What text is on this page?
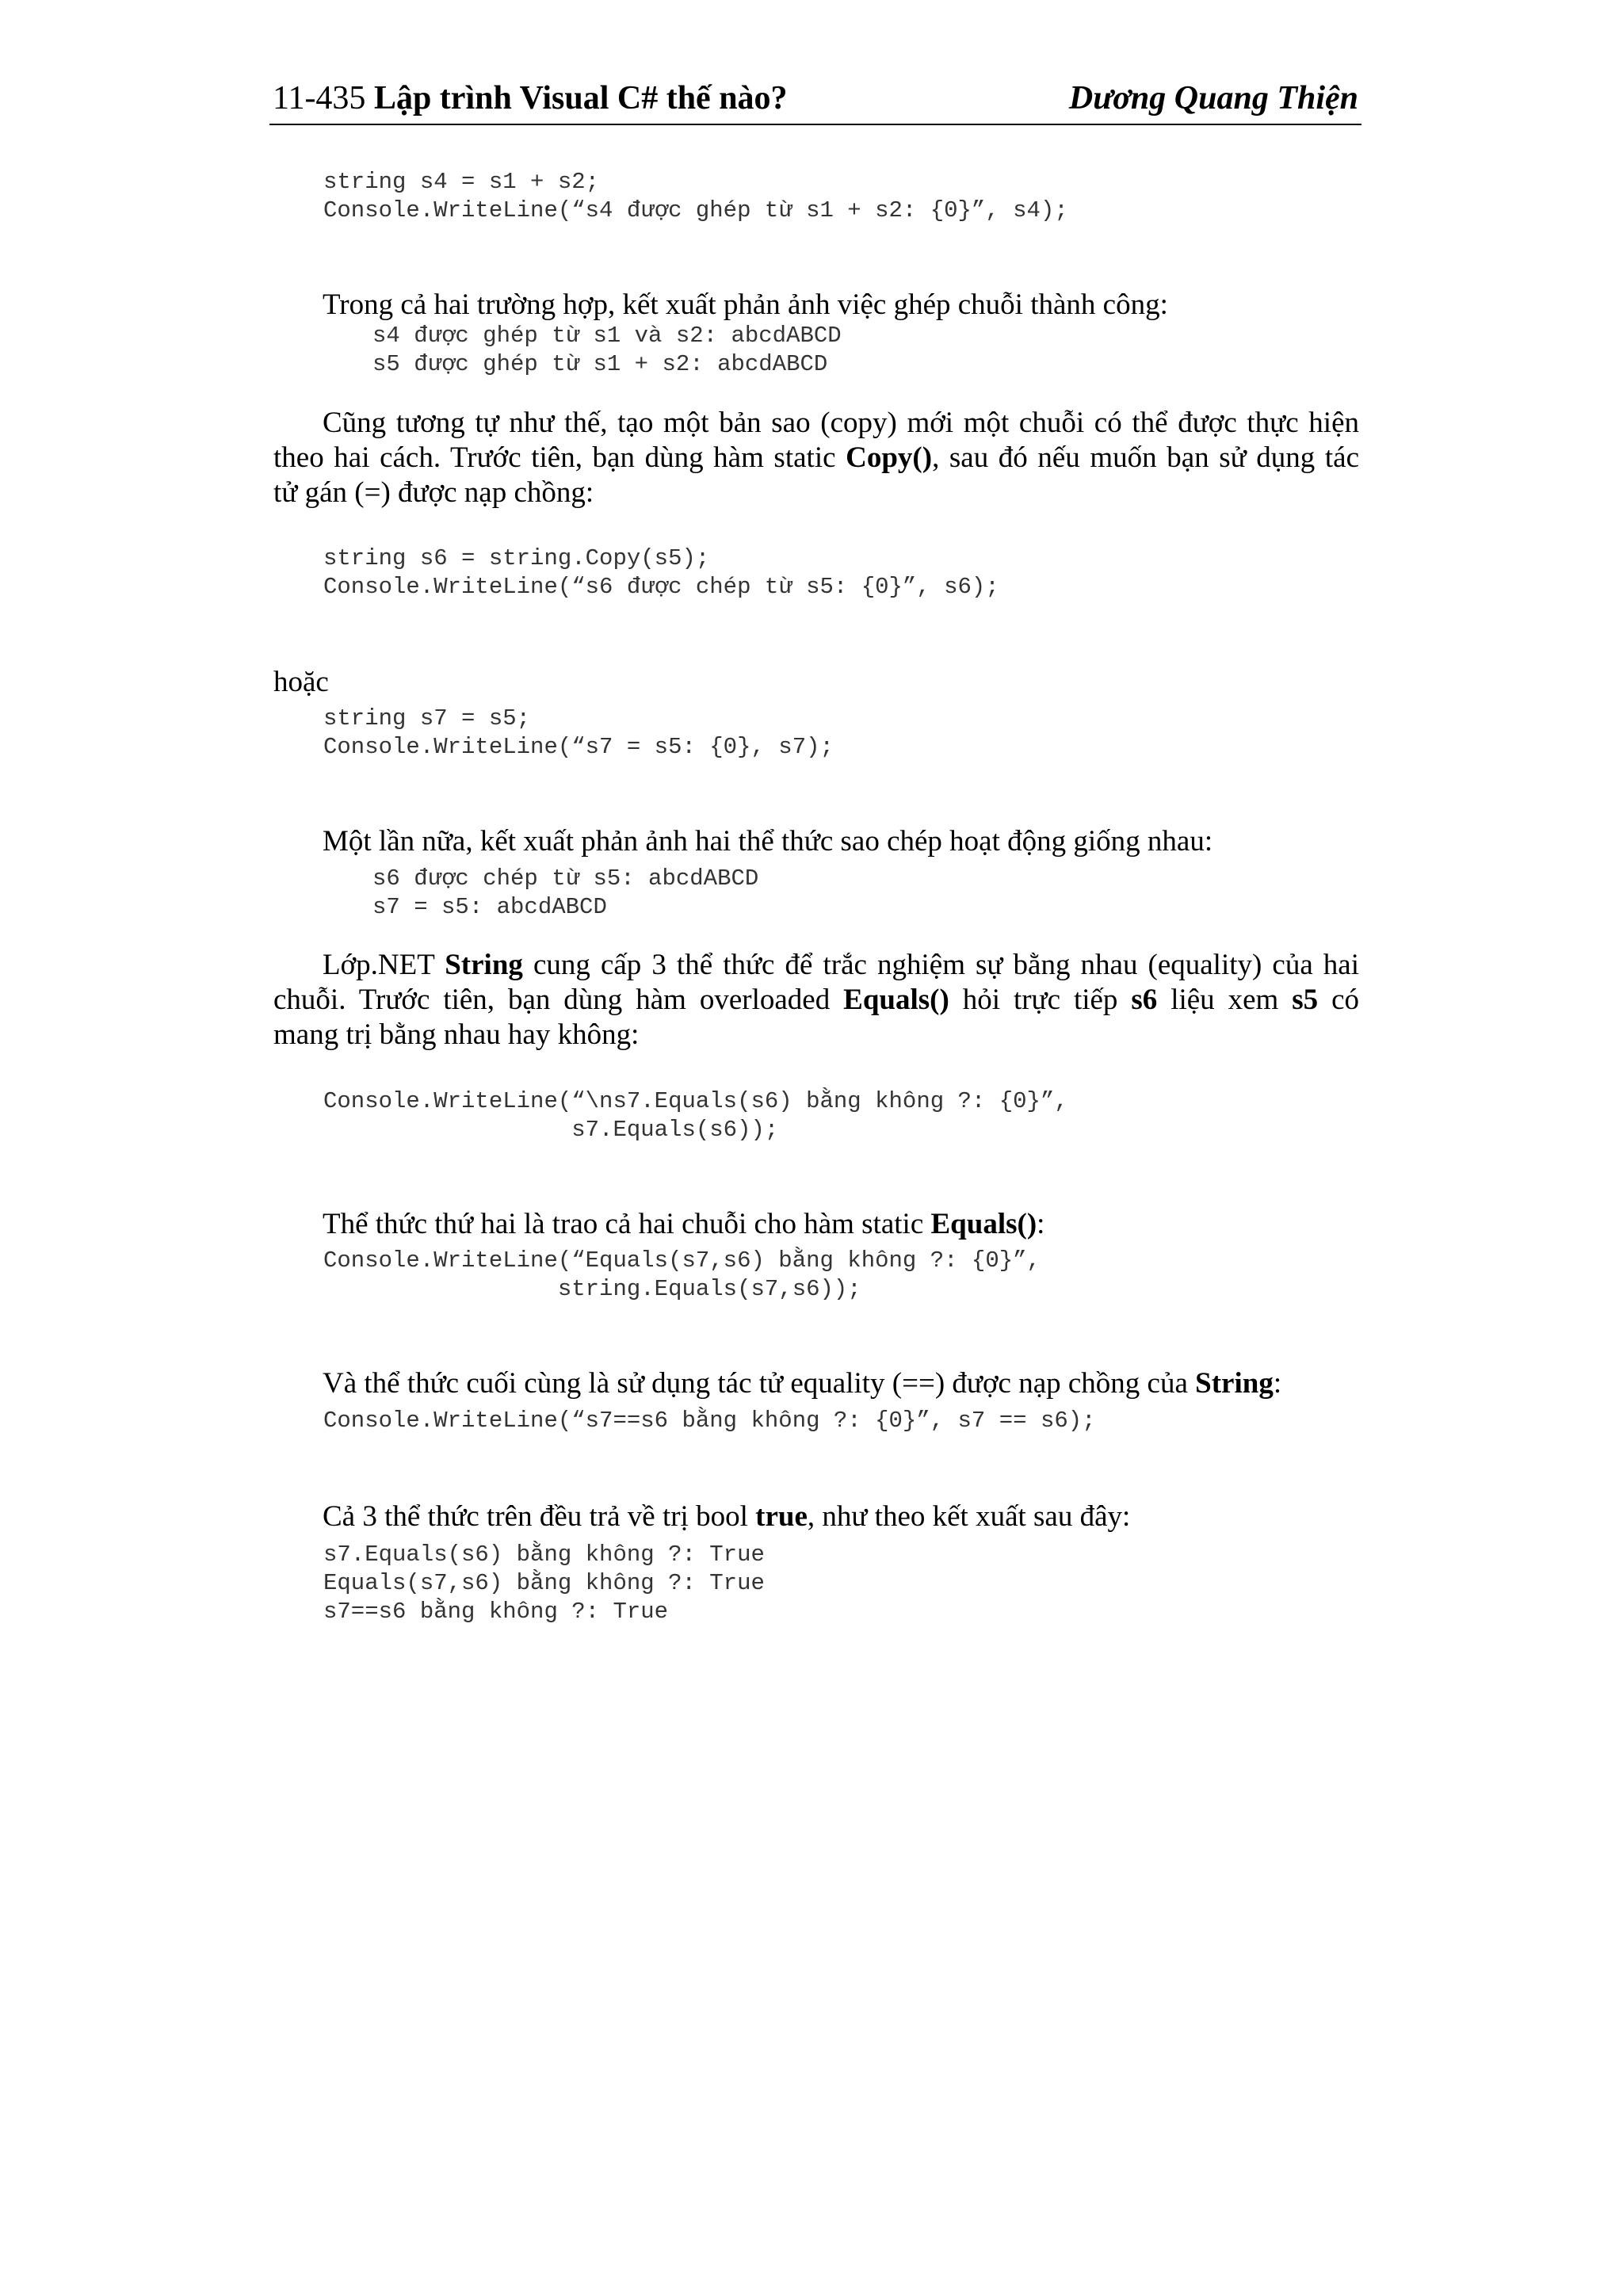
11-435 Lập trình Visual C# thế nào?	Dương Quang Thiện
string s4 = s1 + s2;
Console.WriteLine(“s4 được ghép từ s1 + s2: {0}”, s4);

Trong cả hai trường hợp, kết xuất phản ảnh việc ghép chuỗi thành công:

s4 được ghép từ s1 và s2: abcdABCD
s5 được ghép từ s1 + s2: abcdABCD
Cũng tương tự như thế, tạo một bản sao (copy) mới một chuỗi có thể được thực hiện
theo hai cách. Trước tiên, bạn dùng hàm static Copy(), sau đó nếu muốn bạn sử dụng tác
tử gán (=) được nạp chồng:
string s6 = string.Copy(s5);
Console.WriteLine(“s6 được chép từ s5: {0}”, s6);

hoặc

string s7 = s5;
Console.WriteLine(“s7 = s5: {0}, s7);

Một lần nữa, kết xuất phản ảnh hai thể thức sao chép hoạt động giống nhau:

s6 được chép từ s5: abcdABCD
s7 = s5: abcdABCD
Lớp.NET String cung cấp 3 thể thức để trắc nghiệm sự bằng nhau (equality) của hai
chuỗi. Trước tiên, bạn dùng hàm overloaded Equals() hỏi trực tiếp s6 liệu xem s5 có
mang trị bằng nhau hay không:
Console.WriteLine(“\ns7.Equals(s6) bằng không ?: {0}”,
s7.Equals(s6));

Thể thức thứ hai là trao cả hai chuỗi cho hàm static Equals():

Console.WriteLine(“Equals(s7,s6) bằng không ?: {0}”,
string.Equals(s7,s6));

Và thể thức cuối cùng là sử dụng tác tử equality (==) được nạp chồng của String:

Console.WriteLine(“s7==s6 bằng không ?: {0}”, s7 == s6);

Cả 3 thể thức trên đều trả về trị bool true, như theo kết xuất sau đây:

s7.Equals(s6) bằng không ?: True
Equals(s7,s6) bằng không ?: True
s7==s6 bằng không ?: True
